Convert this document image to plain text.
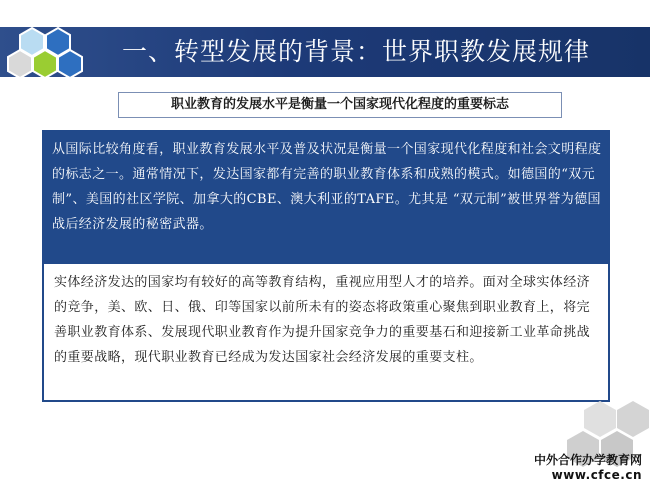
一、转型发展的背景：世界职教发展规律
职业教育的发展水平是衡量一个国家现代化程度的重要标志

从国际比较角度看，职业教育发展水平及普及状况是衡量一个国家现代化程度和社会文明程度的标志之一。通常情况下，发达国家都有完善的职业教育体系和成熟的模式。如德国的“双元制”、美国的社区学院、加拿大的CBE、澳大利亚的TAFE。尤其是 “双元制”被世界誉为德国战后经济发展的秘密武器。

实体经济发达的国家均有较好的高等教育结构，重视应用型人才的培养。面对全球实体经济的竞争，美、欧、日、俄、印等国家以前所未有的姿态将政策重心聚焦到职业教育上，将完善职业教育体系、发展现代职业教育作为提升国家竞争力的重要基石和迎接新工业革命挑战的重要战略，现代职业教育已经成为发达国家社会经济发展的重要支柱。

中外合作办学教育网
www.cfce.cn
